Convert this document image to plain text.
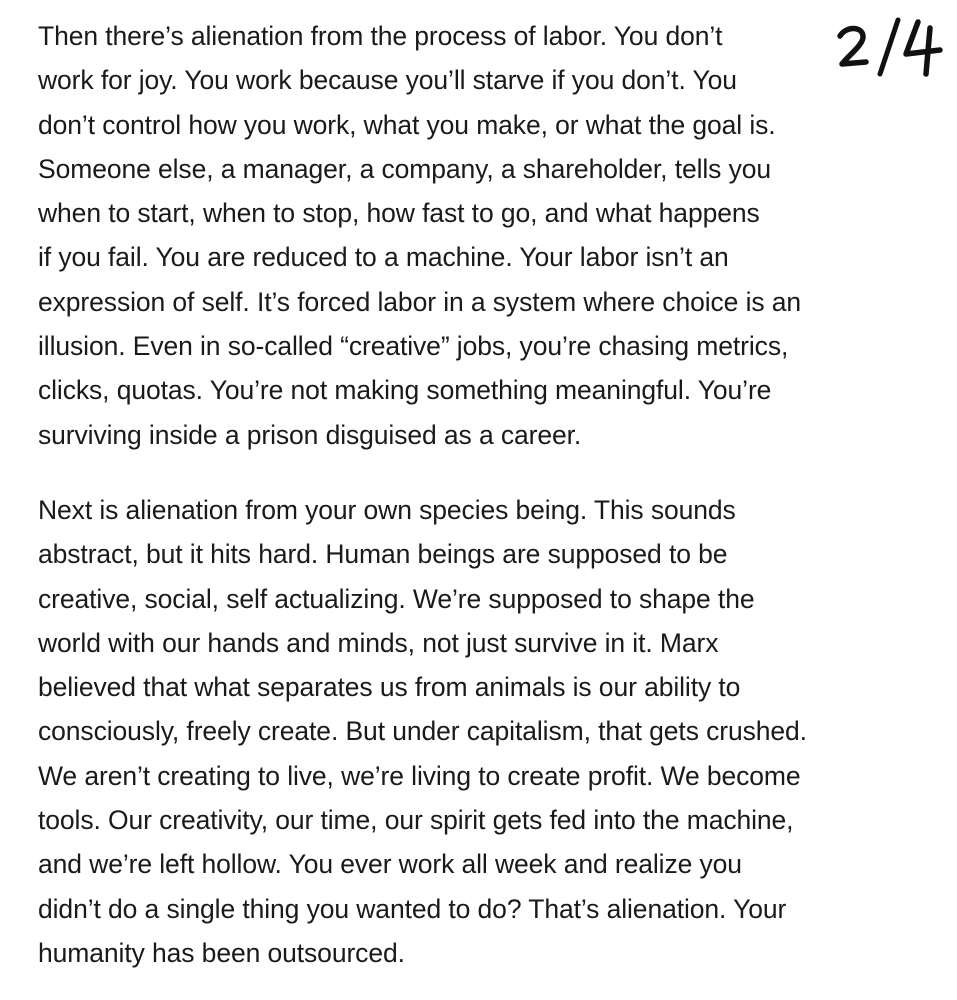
Then there’s alienation from the process of labor. You don’t
work for joy. You work because you’ll starve if you don’t. You
don’t control how you work, what you make, or what the goal is.
Someone else, a manager, a company, a shareholder, tells you
when to start, when to stop, how fast to go, and what happens
if you fail. You are reduced to a machine. Your labor isn’t an
expression of self. It’s forced labor in a system where choice is an
illusion. Even in so-called “creative” jobs, you’re chasing metrics,
clicks, quotas. You’re not making something meaningful. You’re
surviving inside a prison disguised as a career.
Next is alienation from your own species being. This sounds
abstract, but it hits hard. Human beings are supposed to be
creative, social, self actualizing. We’re supposed to shape the
world with our hands and minds, not just survive in it. Marx
believed that what separates us from animals is our ability to
consciously, freely create. But under capitalism, that gets crushed.
We aren’t creating to live, we’re living to create profit. We become
tools. Our creativity, our time, our spirit gets fed into the machine,
and we’re left hollow. You ever work all week and realize you
didn’t do a single thing you wanted to do? That’s alienation. Your
humanity has been outsourced.
